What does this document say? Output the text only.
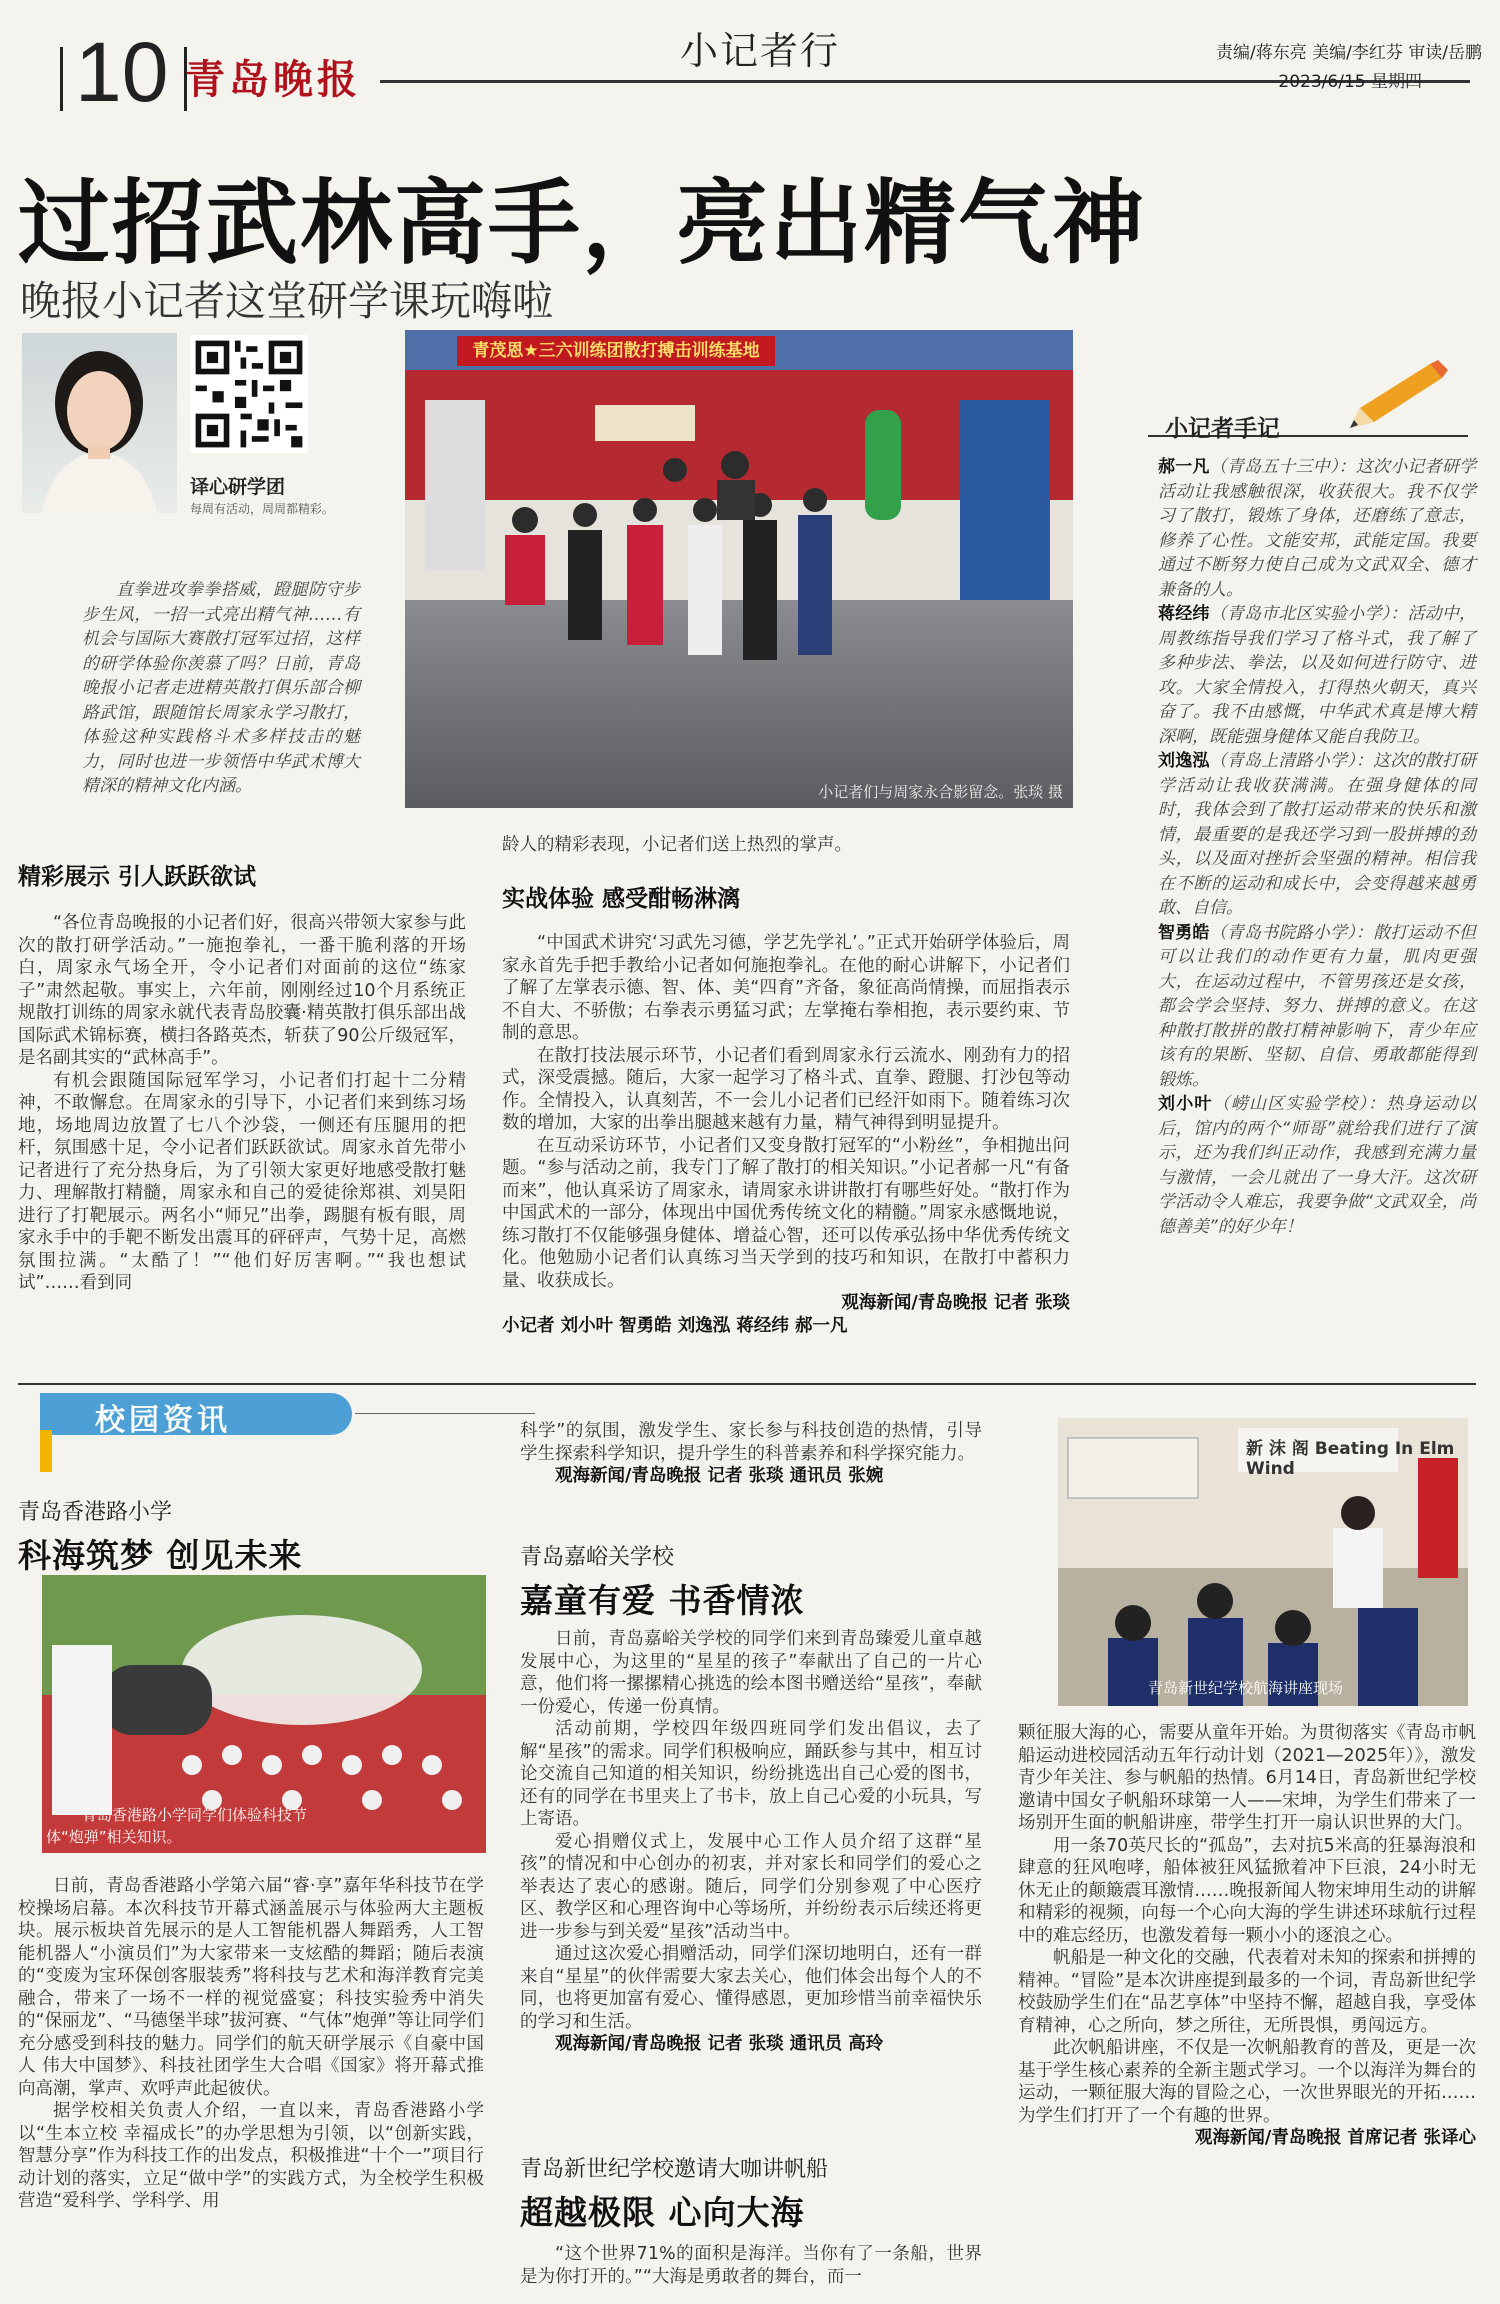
10 青岛晚报
小记者行	责编/蒋东亮 美编/李红芬 审读/岳鹏
2023/6/15 星期四
过招武林高手，亮出精气神
晚报小记者这堂研学课玩嗨啦
译心研学团
每周有活动，周周都精彩。

直拳进攻拳拳搭威，蹬腿防守步步生风，一招一式亮出精气神……有机会与国际大赛散打冠军过招，这样的研学体验你羡慕了吗？日前，青岛晚报小记者走进精英散打俱乐部合柳路武馆，跟随馆长周家永学习散打，体验这种实践格斗术多样技击的魅力，同时也进一步领悟中华武术博大精深的精神文化内涵。

青茂恩★三六训练团散打搏击训练基地
小记者们与周家永合影留念。张琰 摄
精彩展示 引人跃跃欲试

“各位青岛晚报的小记者们好，很高兴带领大家参与此次的散打研学活动。”一施抱拳礼，一番干脆利落的开场白，周家永气场全开，令小记者们对面前的这位“练家子”肃然起敬。事实上，六年前，刚刚经过10个月系统正规散打训练的周家永就代表青岛胶囊·精英散打俱乐部出战国际武术锦标赛，横扫各路英杰，斩获了90公斤级冠军，是名副其实的“武林高手”。

有机会跟随国际冠军学习，小记者们打起十二分精神，不敢懈怠。在周家永的引导下，小记者们来到练习场地，场地周边放置了七八个沙袋，一侧还有压腿用的把杆，氛围感十足，令小记者们跃跃欲试。周家永首先带小记者进行了充分热身后，为了引领大家更好地感受散打魅力、理解散打精髓，周家永和自己的爱徒徐郑祺、刘昊阳进行了打靶展示。两名小“师兄”出拳，踢腿有板有眼，周家永手中的手靶不断发出震耳的砰砰声，气势十足，高燃氛围拉满。“太酷了！”“他们好厉害啊。”“我也想试试”……看到同

龄人的精彩表现，小记者们送上热烈的掌声。

实战体验 感受酣畅淋漓

“中国武术讲究‘习武先习德，学艺先学礼’。”正式开始研学体验后，周家永首先手把手教给小记者如何施抱拳礼。在他的耐心讲解下，小记者们了解了左掌表示德、智、体、美“四育”齐备，象征高尚情操，而屈指表示不自大、不骄傲；右拳表示勇猛习武；左掌掩右拳相抱，表示要约束、节制的意思。

在散打技法展示环节，小记者们看到周家永行云流水、刚劲有力的招式，深受震撼。随后，大家一起学习了格斗式、直拳、蹬腿、打沙包等动作。全情投入，认真刻苦，不一会儿小记者们已经汗如雨下。随着练习次数的增加，大家的出拳出腿越来越有力量，精气神得到明显提升。

在互动采访环节，小记者们又变身散打冠军的“小粉丝”，争相抛出问题。“参与活动之前，我专门了解了散打的相关知识。”小记者郝一凡“有备而来”，他认真采访了周家永，请周家永讲讲散打有哪些好处。“散打作为中国武术的一部分，体现出中国优秀传统文化的精髓。”周家永感慨地说，练习散打不仅能够强身健体、增益心智，还可以传承弘扬中华优秀传统文化。他勉励小记者们认真练习当天学到的技巧和知识，在散打中蓄积力量、收获成长。

观海新闻/青岛晚报 记者 张琰

小记者 刘小叶 智勇皓 刘逸泓 蒋经纬 郝一凡

小记者手记

郝一凡（青岛五十三中）：这次小记者研学活动让我感触很深，收获很大。我不仅学习了散打，锻炼了身体，还磨练了意志，修养了心性。文能安邦，武能定国。我要通过不断努力使自己成为文武双全、德才兼备的人。

蒋经纬（青岛市北区实验小学）：活动中，周教练指导我们学习了格斗式，我了解了多种步法、拳法，以及如何进行防守、进攻。大家全情投入，打得热火朝天，真兴奋了。我不由感慨，中华武术真是博大精深啊，既能强身健体又能自我防卫。

刘逸泓（青岛上清路小学）：这次的散打研学活动让我收获满满。在强身健体的同时，我体会到了散打运动带来的快乐和激情，最重要的是我还学习到一股拼搏的劲头，以及面对挫折会坚强的精神。相信我在不断的运动和成长中，会变得越来越勇敢、自信。

智勇皓（青岛书院路小学）：散打运动不但可以让我们的动作更有力量，肌肉更强大，在运动过程中，不管男孩还是女孩，都会学会坚持、努力、拼搏的意义。在这种散打散拼的散打精神影响下，青少年应该有的果断、坚韧、自信、勇敢都能得到锻炼。

刘小叶（崂山区实验学校）：热身运动以后，馆内的两个“师哥”就给我们进行了演示，还为我们纠正动作，我感到充满力量与激情，一会儿就出了一身大汗。这次研学活动令人难忘，我要争做“文武双全，尚德善美”的好少年！

校园资讯
青岛香港路小学
科海筑梦 创见未来
青岛香港路小学同学们体验科技节
体“炮弹”相关知识。

日前，青岛香港路小学第六届“睿·享”嘉年华科技节在学校操场启幕。本次科技节开幕式涵盖展示与体验两大主题板块。展示板块首先展示的是人工智能机器人舞蹈秀，人工智能机器人“小演员们”为大家带来一支炫酷的舞蹈；随后表演的“变废为宝环保创客服装秀”将科技与艺术和海洋教育完美融合，带来了一场不一样的视觉盛宴；科技实验秀中消失的“保丽龙”、“马德堡半球”拔河赛、“气体”炮弹”等让同学们充分感受到科技的魅力。同学们的航天研学展示《自豪中国人 伟大中国梦》、科技社团学生大合唱《国家》将开幕式推向高潮，掌声、欢呼声此起彼伏。

据学校相关负责人介绍，一直以来，青岛香港路小学以“生本立校 幸福成长”的办学思想为引领，以“创新实践，智慧分享”作为科技工作的出发点，积极推进“十个一”项目行动计划的落实，立足“做中学”的实践方式，为全校学生积极营造“爱科学、学科学、用

科学”的氛围，激发学生、家长参与科技创造的热情，引导学生探索科学知识，提升学生的科普素养和科学探究能力。

观海新闻/青岛晚报 记者 张琰 通讯员 张婉

青岛嘉峪关学校
嘉童有爱 书香情浓

日前，青岛嘉峪关学校的同学们来到青岛臻爱儿童卓越发展中心，为这里的“星星的孩子”奉献出了自己的一片心意，他们将一摞摞精心挑选的绘本图书赠送给“星孩”，奉献一份爱心，传递一份真情。

活动前期，学校四年级四班同学们发出倡议，去了解“星孩”的需求。同学们积极响应，踊跃参与其中，相互讨论交流自己知道的相关知识，纷纷挑选出自己心爱的图书，还有的同学在书里夹上了书卡，放上自己心爱的小玩具，写上寄语。

爱心捐赠仪式上，发展中心工作人员介绍了这群“星孩”的情况和中心创办的初衷，并对家长和同学们的爱心之举表达了衷心的感谢。随后，同学们分别参观了中心医疗区、教学区和心理咨询中心等场所，并纷纷表示后续还将更进一步参与到关爱“星孩”活动当中。

通过这次爱心捐赠活动，同学们深切地明白，还有一群来自“星星”的伙伴需要大家去关心，他们体会出每个人的不同，也将更加富有爱心、懂得感恩，更加珍惜当前幸福快乐的学习和生活。

观海新闻/青岛晚报 记者 张琰 通讯员 高玲

青岛新世纪学校邀请大咖讲帆船
超越极限 心向大海

“这个世界71%的面积是海洋。当你有了一条船，世界是为你打开的。”“大海是勇敢者的舞台，而一

新 沫 阁 Beating In Elm Wind
青岛新世纪学校航海讲座现场

颗征服大海的心，需要从童年开始。为贯彻落实《青岛市帆船运动进校园活动五年行动计划（2021—2025年）》，激发青少年关注、参与帆船的热情。6月14日，青岛新世纪学校邀请中国女子帆船环球第一人——宋坤，为学生们带来了一场别开生面的帆船讲座，带学生打开一扇认识世界的大门。

用一条70英尺长的“孤岛”，去对抗5米高的狂暴海浪和肆意的狂风咆哮，船体被狂风猛掀着冲下巨浪，24小时无休无止的颠簸震耳激情……晚报新闻人物宋坤用生动的讲解和精彩的视频，向每一个心向大海的学生讲述环球航行过程中的难忘经历，也激发着每一颗小小的逐浪之心。

帆船是一种文化的交融，代表着对未知的探索和拼搏的精神。“冒险”是本次讲座提到最多的一个词，青岛新世纪学校鼓励学生们在“品艺享体”中坚持不懈，超越自我，享受体育精神，心之所向，梦之所往，无所畏惧，勇闯远方。

此次帆船讲座，不仅是一次帆船教育的普及，更是一次基于学生核心素养的全新主题式学习。一个以海洋为舞台的运动，一颗征服大海的冒险之心，一次世界眼光的开拓……为学生们打开了一个有趣的世界。

观海新闻/青岛晚报 首席记者 张译心
